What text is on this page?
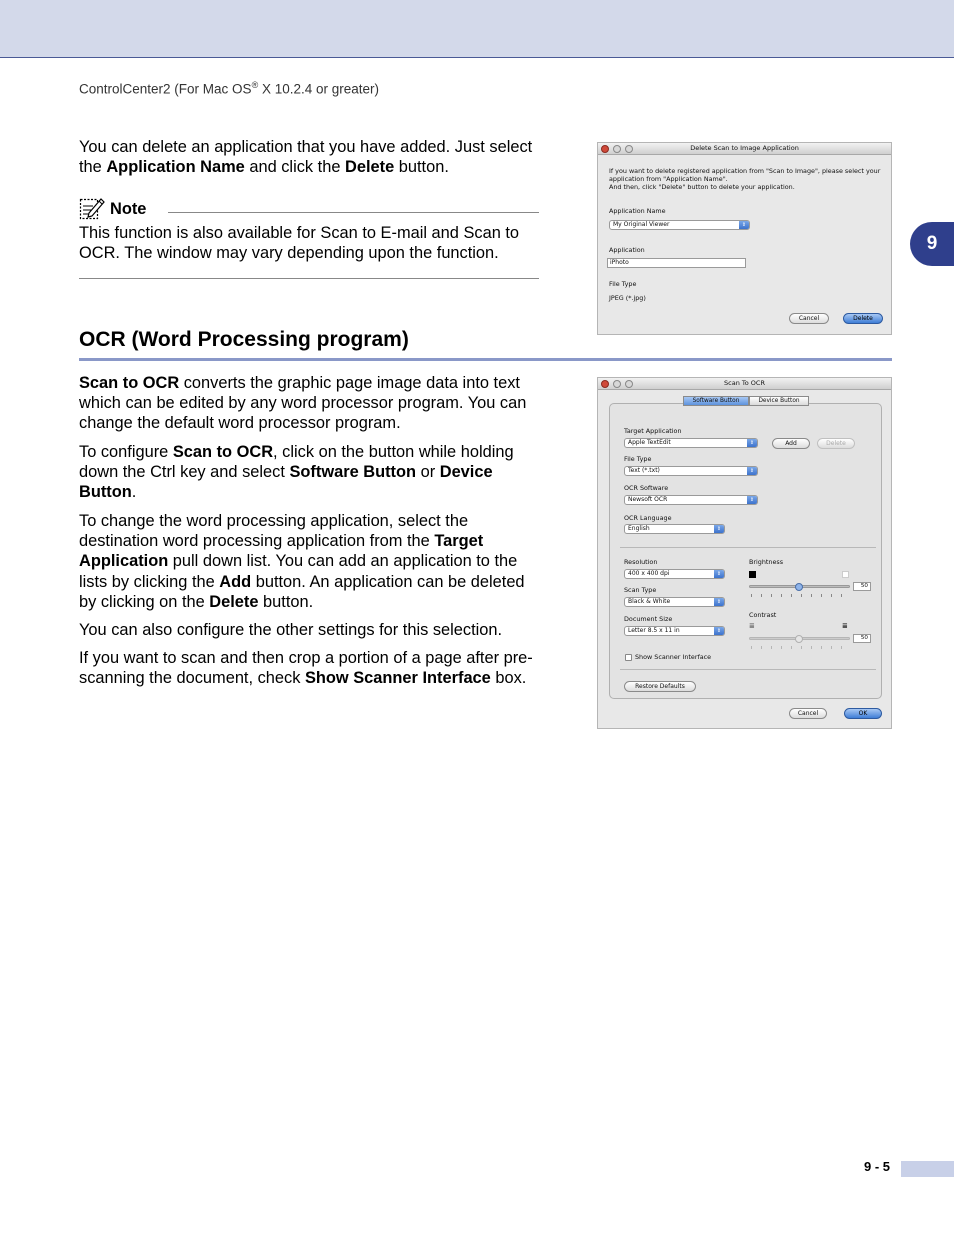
ControlCenter2 (For Mac OS® X 10.2.4 or greater)
9
You can delete an application that you have added. Just select the Application Name and click the Delete button.
Note
This function is also available for Scan to E-mail and Scan to OCR. The window may vary depending upon the function.
Delete Scan to Image Application
If you want to delete registered application from "Scan to Image", please select your application from "Application Name".
And then, click "Delete" button to delete your application.
Application Name
My Original Viewer	⇕
Application
iPhoto
File Type
JPEG (*.jpg)
Cancel	Delete
OCR (Word Processing program)
Scan to OCR converts the graphic page image data into text which can be edited by any word processor program. You can change the default word processor program.
To configure Scan to OCR, click on the button while holding down the Ctrl key and select Software Button or Device Button.
To change the word processing application, select the destination word processing application from the Target Application pull down list. You can add an application to the lists by clicking the Add button. An application can be deleted by clicking on the Delete button.
You can also configure the other settings for this selection.
If you want to scan and then crop a portion of a page after pre-scanning the document, check Show Scanner Interface box.
Scan To OCR
Software Button	Device Button
Target Application
Apple TextEdit	⇕	Add	Delete
File Type
Text (*.txt)	⇕
OCR Software
Newsoft OCR	⇕
OCR Language
English	⇕
Resolution
400 x 400 dpi	⇕
Scan Type
Black & White	⇕
Document Size
Letter 8.5 x 11 in	⇕
Brightness
50
Contrast
≣	≣
50
Show Scanner Interface
Restore Defaults
Cancel	OK
9 - 5
